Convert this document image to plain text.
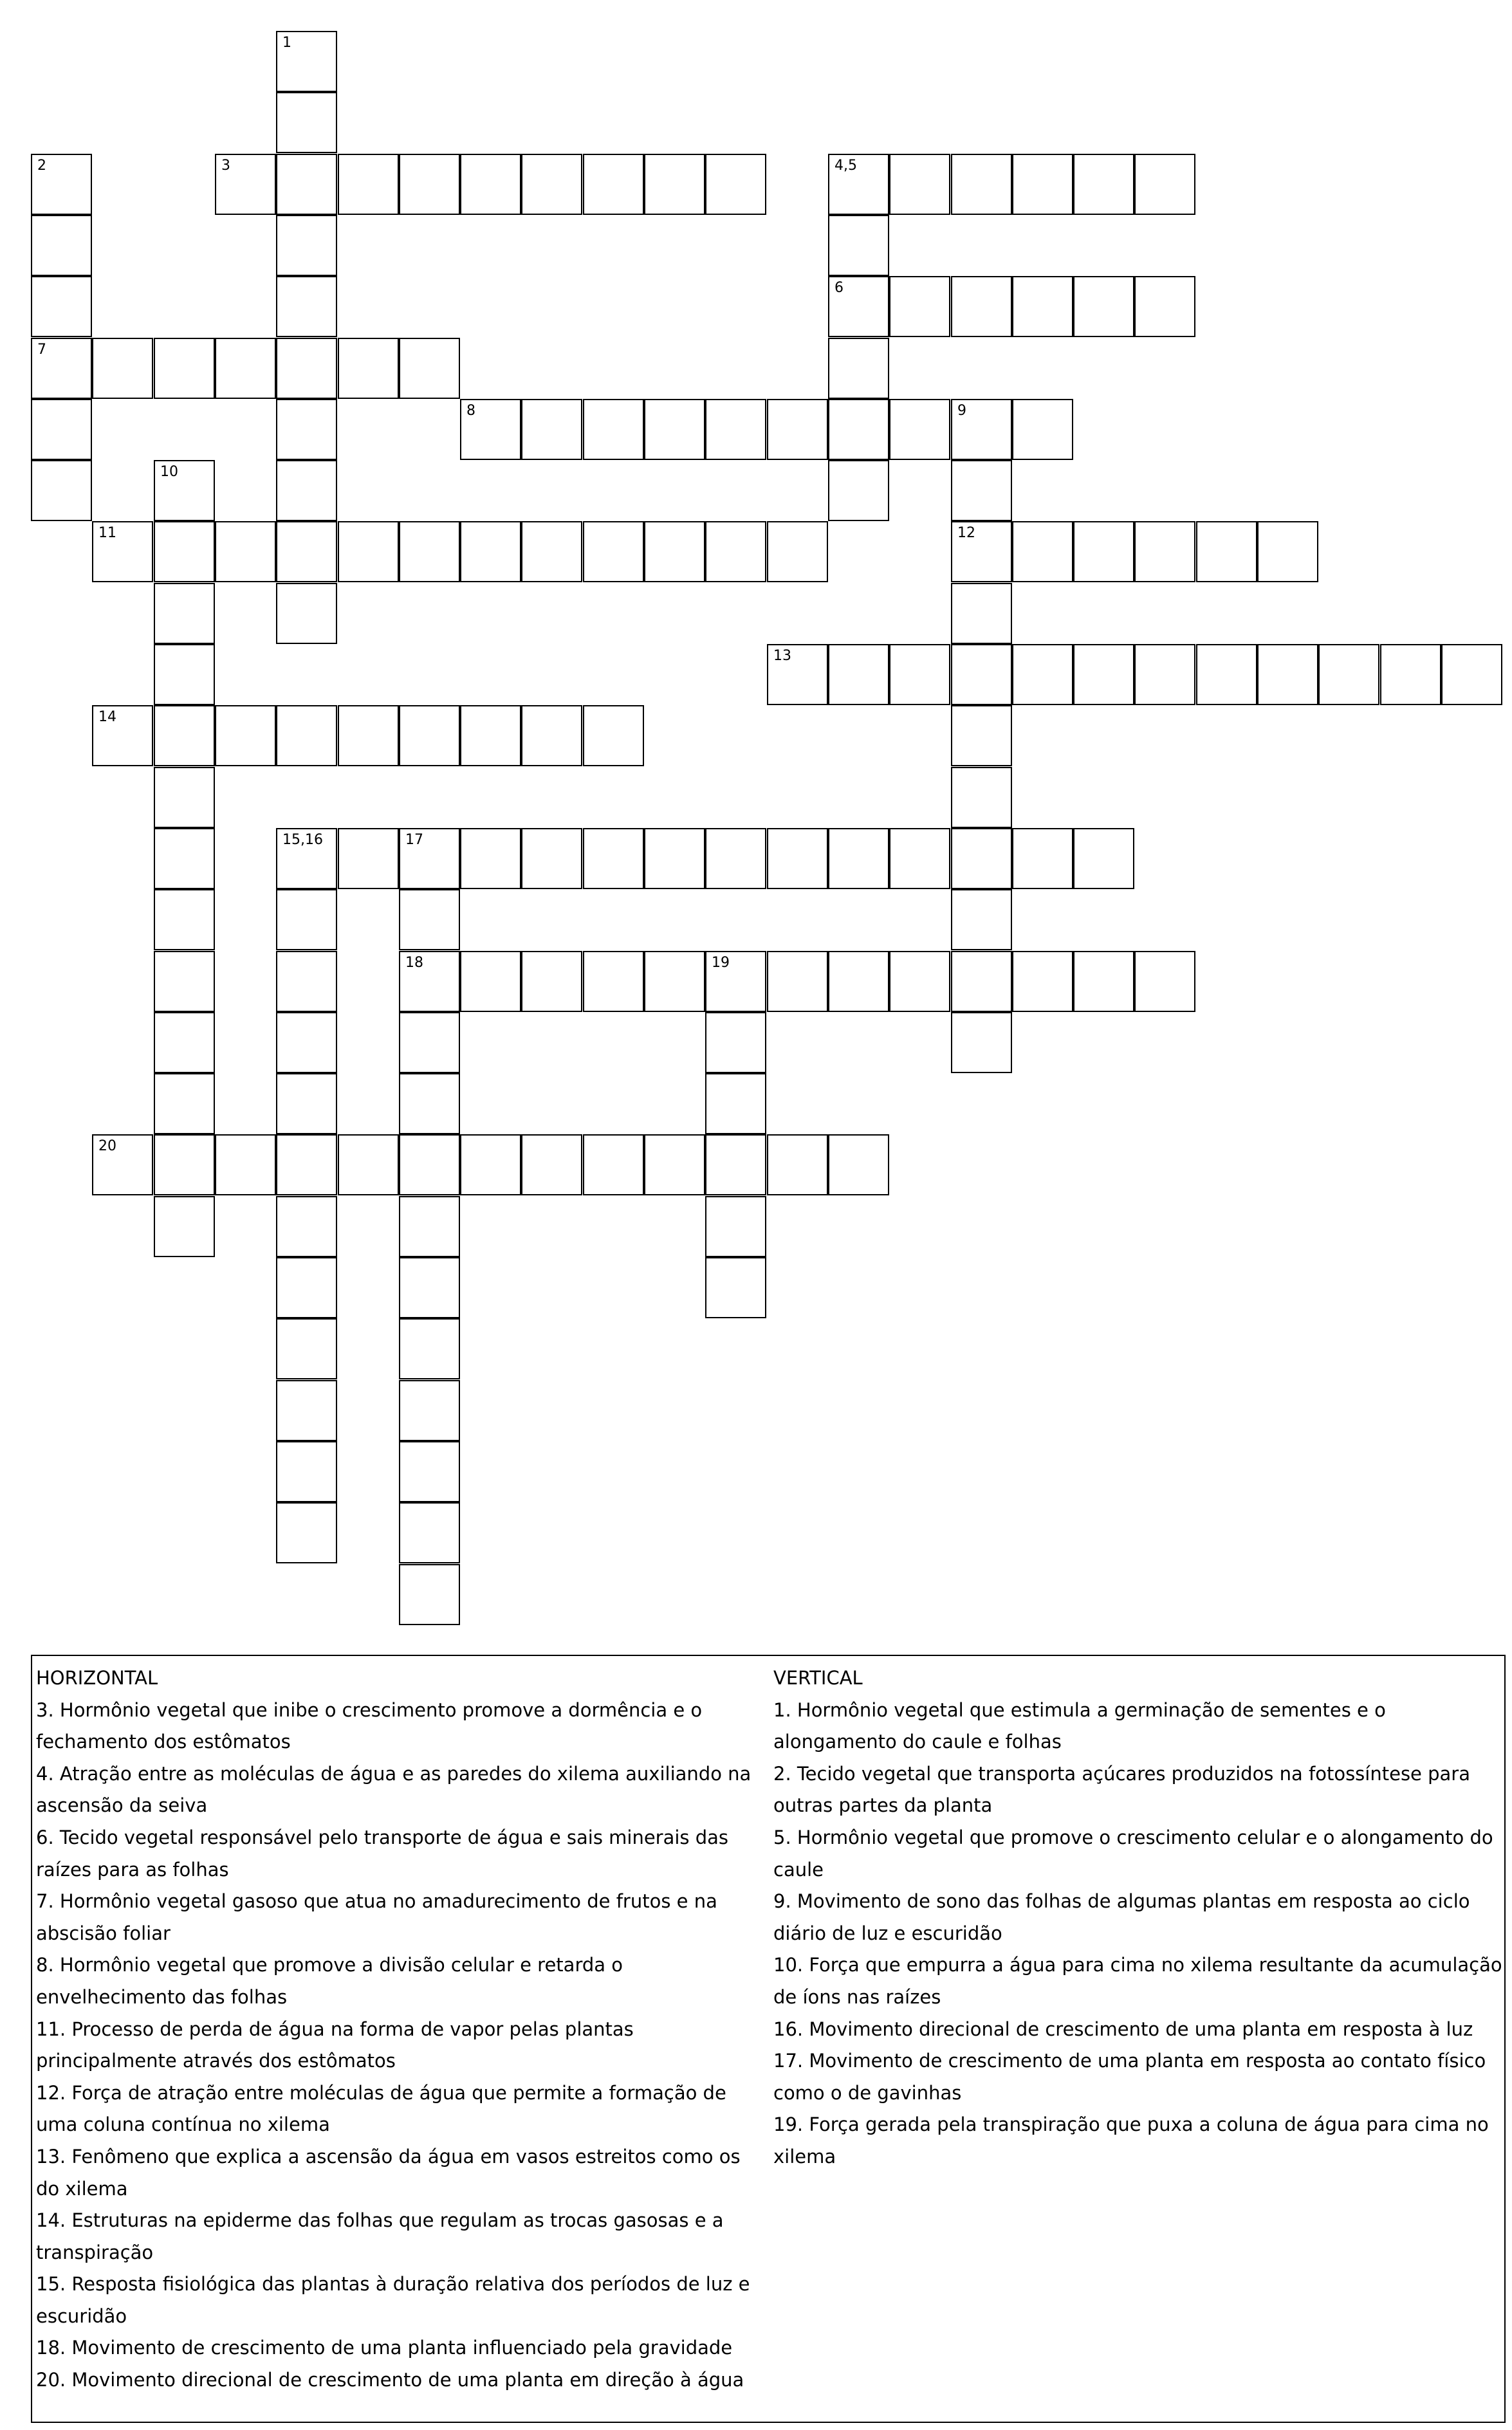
1
2	3	4,5
6
7
8	9
10
11	12
13
14
15,16	17
18	19
20
HORIZONTAL
3. Hormônio vegetal que inibe o crescimento promove a dormência e o fechamento dos estômatos
4. Atração entre as moléculas de água e as paredes do xilema auxiliando na ascensão da seiva
6. Tecido vegetal responsável pelo transporte de água e sais minerais das raízes para as folhas
7. Hormônio vegetal gasoso que atua no amadurecimento de frutos e na abscisão foliar
8. Hormônio vegetal que promove a divisão celular e retarda o envelhecimento das folhas
11. Processo de perda de água na forma de vapor pelas plantas principalmente através dos estômatos
12. Força de atração entre moléculas de água que permite a formação de uma coluna contínua no xilema
13. Fenômeno que explica a ascensão da água em vasos estreitos como os do xilema
14. Estruturas na epiderme das folhas que regulam as trocas gasosas e a transpiração
15. Resposta fisiológica das plantas à duração relativa dos períodos de luz e escuridão
18. Movimento de crescimento de uma planta influenciado pela gravidade
20. Movimento direcional de crescimento de uma planta em direção à água
VERTICAL
1. Hormônio vegetal que estimula a germinação de sementes e o alongamento do caule e folhas
2. Tecido vegetal que transporta açúcares produzidos na fotossíntese para outras partes da planta
5. Hormônio vegetal que promove o crescimento celular e o alongamento do caule
9. Movimento de sono das folhas de algumas plantas em resposta ao ciclo diário de luz e escuridão
10. Força que empurra a água para cima no xilema resultante da acumulação de íons nas raízes
16. Movimento direcional de crescimento de uma planta em resposta à luz
17. Movimento de crescimento de uma planta em resposta ao contato físico como o de gavinhas
19. Força gerada pela transpiração que puxa a coluna de água para cima no xilema
